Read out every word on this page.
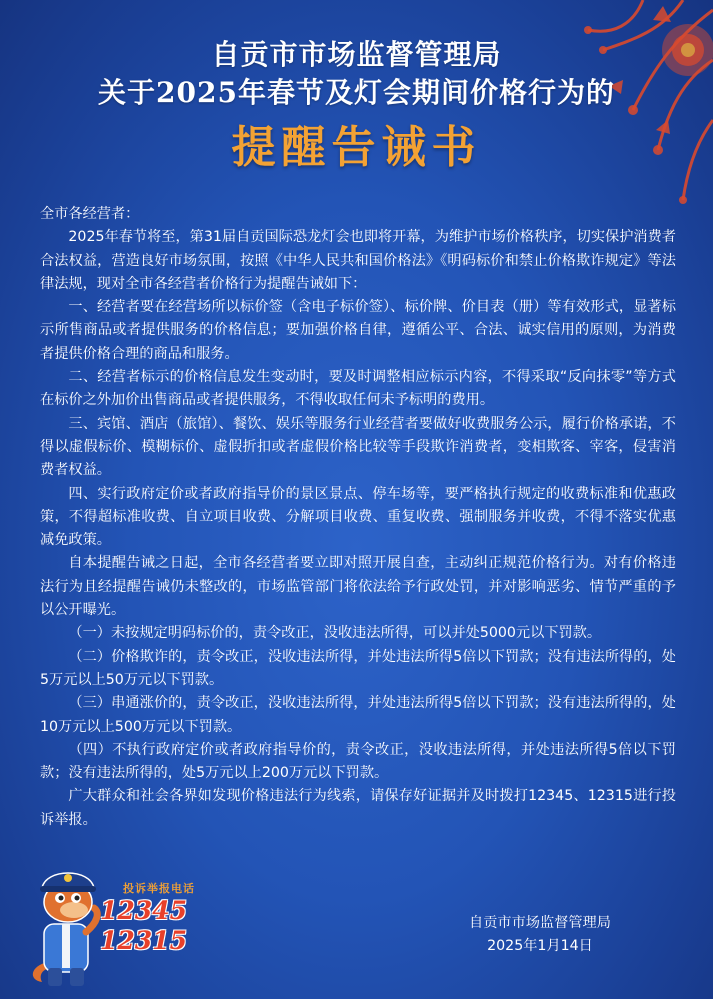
自贡市市场监督管理局
关于2025年春节及灯会期间价格行为的
提醒告诫书

全市各经营者：

2025年春节将至，第31届自贡国际恐龙灯会也即将开幕，为维护市场价格秩序，切实保护消费者合法权益，营造良好市场氛围，按照《中华人民共和国价格法》《明码标价和禁止价格欺诈规定》等法律法规，现对全市各经营者价格行为提醒告诫如下：

一、经营者要在经营场所以标价签（含电子标价签）、标价牌、价目表（册）等有效形式，显著标示所售商品或者提供服务的价格信息；要加强价格自律，遵循公平、合法、诚实信用的原则，为消费者提供价格合理的商品和服务。

二、经营者标示的价格信息发生变动时，要及时调整相应标示内容，不得采取“反向抹零”等方式在标价之外加价出售商品或者提供服务，不得收取任何未予标明的费用。

三、宾馆、酒店（旅馆）、餐饮、娱乐等服务行业经营者要做好收费服务公示，履行价格承诺，不得以虚假标价、模糊标价、虚假折扣或者虚假价格比较等手段欺诈消费者，变相欺客、宰客，侵害消费者权益。

四、实行政府定价或者政府指导价的景区景点、停车场等，要严格执行规定的收费标准和优惠政策，不得超标准收费、自立项目收费、分解项目收费、重复收费、强制服务并收费，不得不落实优惠减免政策。

自本提醒告诫之日起，全市各经营者要立即对照开展自查，主动纠正规范价格行为。对有价格违法行为且经提醒告诫仍未整改的，市场监管部门将依法给予行政处罚，并对影响恶劣、情节严重的予以公开曝光。

（一）未按规定明码标价的，责令改正，没收违法所得，可以并处5000元以下罚款。

（二）价格欺诈的，责令改正，没收违法所得，并处违法所得5倍以下罚款；没有违法所得的，处5万元以上50万元以下罚款。

（三）串通涨价的，责令改正，没收违法所得，并处违法所得5倍以下罚款；没有违法所得的，处10万元以上500万元以下罚款。

（四）不执行政府定价或者政府指导价的，责令改正，没收违法所得，并处违法所得5倍以下罚款；没有违法所得的，处5万元以上200万元以下罚款。

广大群众和社会各界如发现价格违法行为线索，请保存好证据并及时拨打12345、12315进行投诉举报。

投诉举报电话
12345
12315
自贡市市场监督管理局
2025年1月14日
